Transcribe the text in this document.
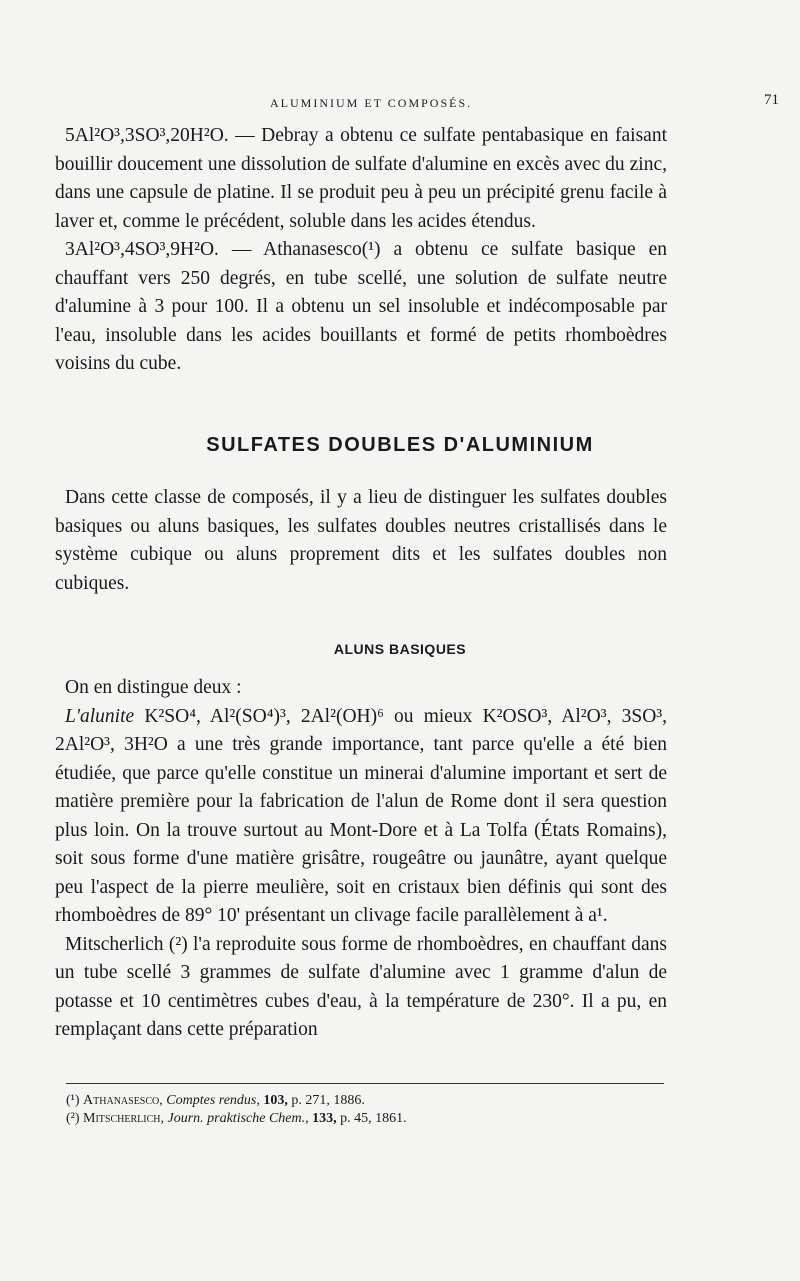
ALUMINIUM ET COMPOSÉS.	71

5Al²O³,3SO³,20H²O. — Debray a obtenu ce sulfate pentabasique en faisant bouillir doucement une dissolution de sulfate d'alumine en excès avec du zinc, dans une capsule de platine. Il se produit peu à peu un précipité grenu facile à laver et, comme le précédent, soluble dans les acides étendus.

3Al²O³,4SO³,9H²O. — Athanasesco(¹) a obtenu ce sulfate basique en chauffant vers 250 degrés, en tube scellé, une solution de sulfate neutre d'alumine à 3 pour 100. Il a obtenu un sel insoluble et indécomposable par l'eau, insoluble dans les acides bouillants et formé de petits rhomboèdres voisins du cube.

SULFATES DOUBLES D'ALUMINIUM

Dans cette classe de composés, il y a lieu de distinguer les sulfates doubles basiques ou aluns basiques, les sulfates doubles neutres cristallisés dans le système cubique ou aluns proprement dits et les sulfates doubles non cubiques.

ALUNS BASIQUES

On en distingue deux :

L'alunite K²SO⁴, Al²(SO⁴)³, 2Al²(OH)⁶ ou mieux K²OSO³, Al²O³, 3SO³, 2Al²O³, 3H²O a une très grande importance, tant parce qu'elle a été bien étudiée, que parce qu'elle constitue un minerai d'alumine important et sert de matière première pour la fabrication de l'alun de Rome dont il sera question plus loin. On la trouve surtout au Mont-Dore et à La Tolfa (États Romains), soit sous forme d'une matière grisâtre, rougeâtre ou jaunâtre, ayant quelque peu l'aspect de la pierre meulière, soit en cristaux bien définis qui sont des rhomboèdres de 89° 10' présentant un clivage facile parallèlement à a¹.

Mitscherlich (²) l'a reproduite sous forme de rhomboèdres, en chauffant dans un tube scellé 3 grammes de sulfate d'alumine avec 1 gramme d'alun de potasse et 10 centimètres cubes d'eau, à la température de 230°. Il a pu, en remplaçant dans cette préparation

(¹) Athanasesco, Comptes rendus, 103, p. 271, 1886.
(²) Mitscherlich, Journ. praktische Chem., 133, p. 45, 1861.
